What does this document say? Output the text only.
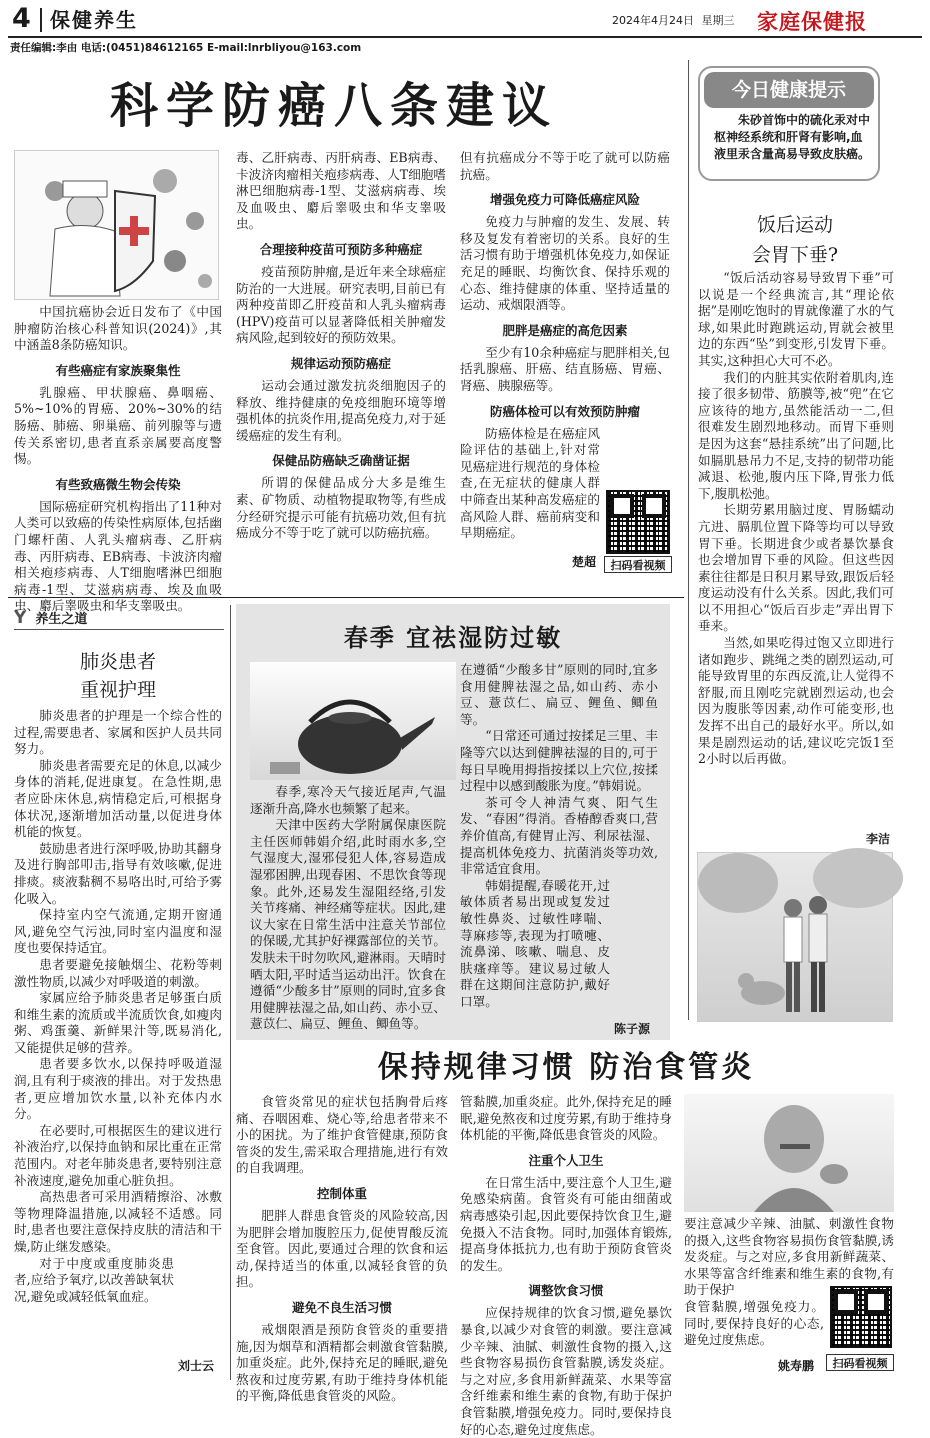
4 保健养生	2024年4月24日 星期三 家庭保健报
责任编辑:李由 电话:(0451)84612165 E-mail:lnrbliyou@163.com
科学防癌八条建议
中国抗癌协会近日发布了《中国肿瘤防治核心科普知识(2024)》,其中涵盖8条防癌知识。
有些癌症有家族聚集性
乳腺癌、甲状腺癌、鼻咽癌、5%~10%的胃癌、20%~30%的结肠癌、肺癌、卵巢癌、前列腺等与遗传关系密切,患者直系亲属要高度警惕。
有些致癌微生物会传染
国际癌症研究机构指出了11种对人类可以致癌的传染性病原体,包括幽门螺杆菌、人乳头瘤病毒、乙肝病毒、丙肝病毒、EB病毒、卡波济肉瘤相关疱疹病毒、人T细胞嗜淋巴细胞病毒-1型、艾滋病病毒、埃及血吸虫、麝后睾吸虫和华支睾吸虫。
毒、乙肝病毒、丙肝病毒、EB病毒、卡波济肉瘤相关疱疹病毒、人T细胞嗜淋巴细胞病毒-1型、艾滋病病毒、埃及血吸虫、麝后睾吸虫和华支睾吸虫。
合理接种疫苗可预防多种癌症
疫苗预防肿瘤,是近年来全球癌症防治的一大进展。研究表明,目前已有两种疫苗即乙肝疫苗和人乳头瘤病毒(HPV)疫苗可以显著降低相关肿瘤发病风险,起到较好的预防效果。
规律运动预防癌症
运动会通过激发抗炎细胞因子的释放、维持健康的免疫细胞环境等增强机体的抗炎作用,提高免疫力,对于延缓癌症的发生有利。
保健品防癌缺乏确凿证据
所谓的保健品成分大多是维生素、矿物质、动植物提取物等,有些成分经研究提示可能有抗癌功效,但有抗癌成分不等于吃了就可以防癌抗癌。
但有抗癌成分不等于吃了就可以防癌抗癌。
增强免疫力可降低癌症风险
免疫力与肿瘤的发生、发展、转移及复发有着密切的关系。良好的生活习惯有助于增强机体免疫力,如保证充足的睡眠、均衡饮食、保持乐观的心态、维持健康的体重、坚持适量的运动、戒烟限酒等。
肥胖是癌症的高危因素
至少有10余种癌症与肥胖相关,包括乳腺癌、肝癌、结直肠癌、胃癌、肾癌、胰腺癌等。
防癌体检可以有效预防肿瘤
防癌体检是在癌症风险评估的基础上,针对常见癌症进行规范的身体检查,在无症状的健康人群中筛查出某种高发癌症的高风险人群、癌前病变和早期癌症。
楚超	扫码看视频
今日健康提示
朱砂首饰中的硫化汞对中枢神经系统和肝肾有影响,血液里汞含量高易导致皮肤癌。
饭后运动
会胃下垂?
“饭后活动容易导致胃下垂”可以说是一个经典流言,其“理论依据”是刚吃饱时的胃就像灌了水的气球,如果此时跑跳运动,胃就会被里边的东西“坠”到变形,引发胃下垂。其实,这种担心大可不必。
我们的内脏其实依附着肌肉,连接了很多韧带、筋膜等,被“兜”在它应该待的地方,虽然能活动一二,但很难发生剧烈地移动。而胃下垂则是因为这套“悬挂系统”出了问题,比如膈肌悬吊力不足,支持的韧带功能减退、松弛,腹内压下降,胃张力低下,腹肌松弛。
长期劳累用脑过度、胃肠蠕动亢进、膈肌位置下降等均可以导致胃下垂。长期进食少或者暴饮暴食也会增加胃下垂的风险。但这些因素往往都是日积月累导致,跟饭后轻度运动没有什么关系。因此,我们可以不用担心“饭后百步走”弄出胃下垂来。
当然,如果吃得过饱又立即进行诸如跑步、跳绳之类的剧烈运动,可能导致胃里的东西反流,让人觉得不舒服,而且刚吃完就剧烈运动,也会因为腹胀等因素,动作可能变形,也发挥不出自己的最好水平。所以,如果是剧烈运动的话,建议吃完饭1至2小时以后再做。
李洁
Y 养生之道
肺炎患者
重视护理
肺炎患者的护理是一个综合性的过程,需要患者、家属和医护人员共同努力。
肺炎患者需要充足的休息,以减少身体的消耗,促进康复。在急性期,患者应卧床休息,病情稳定后,可根据身体状况,逐渐增加活动量,以促进身体机能的恢复。
鼓励患者进行深呼吸,协助其翻身及进行胸部叩击,指导有效咳嗽,促进排痰。痰液黏稠不易咯出时,可给予雾化吸入。
保持室内空气流通,定期开窗通风,避免空气污浊,同时室内温度和湿度也要保持适宜。
患者要避免接触烟尘、花粉等刺激性物质,以减少对呼吸道的刺激。
家属应给予肺炎患者足够蛋白质和维生素的流质或半流质饮食,如瘦肉粥、鸡蛋羹、新鲜果汁等,既易消化,又能提供足够的营养。
患者要多饮水,以保持呼吸道湿润,且有利于痰液的排出。对于发热患者,更应增加饮水量,以补充体内水分。
在必要时,可根据医生的建议进行补液治疗,以保持血钠和尿比重在正常范围内。对老年肺炎患者,要特别注意补液速度,避免加重心脏负担。
高热患者可采用酒精擦浴、冰敷等物理降温措施,以减轻不适感。同时,患者也要注意保持皮肤的清洁和干燥,防止继发感染。
对于中度或重度肺炎患者,应给予氧疗,以改善缺氧状况,避免或减轻低氧血症。
刘士云
春季 宜祛湿防过敏
春季,寒冷天气接近尾声,气温逐渐升高,降水也频繁了起来。
天津中医药大学附属保康医院主任医师韩娟介绍,此时雨水多,空气湿度大,湿邪侵犯人体,容易造成湿邪困脾,出现春困、不思饮食等现象。此外,还易发生湿阻经络,引发关节疼痛、神经痛等症状。因此,建议大家在日常生活中注意关节部位的保暖,尤其护好裸露部位的关节。发肤未干时勿吹风,避淋雨。天晴时晒太阳,平时适当运动出汗。饮食在遵循“少酸多甘”原则的同时,宜多食用健脾祛湿之品,如山药、赤小豆、薏苡仁、扁豆、鲤鱼、鲫鱼等。
在遵循“少酸多甘”原则的同时,宜多食用健脾祛湿之品,如山药、赤小豆、薏苡仁、扁豆、鲤鱼、鲫鱼等。
“日常还可通过按揉足三里、丰隆等穴以达到健脾祛湿的目的,可于每日早晚用拇指按揉以上穴位,按揉过程中以感到酸胀为度。”韩娟说。
茶可令人神清气爽、阳气生发、“春困”得消。香椿醇香爽口,营养价值高,有健胃止泻、利尿祛湿、提高机体免疫力、抗菌消炎等功效,非常适宜食用。
韩娟提醒,春暖花开,过敏体质者易出现或复发过敏性鼻炎、过敏性哮喘、荨麻疹等,表现为打喷嚏、流鼻涕、咳嗽、喘息、皮肤瘙痒等。建议易过敏人群在这期间注意防护,戴好口罩。
陈子源
保持规律习惯 防治食管炎
食管炎常见的症状包括胸骨后疼痛、吞咽困难、烧心等,给患者带来不小的困扰。为了维护食管健康,预防食管炎的发生,需采取合理措施,进行有效的自我调理。
控制体重
肥胖人群患食管炎的风险较高,因为肥胖会增加腹腔压力,促使胃酸反流至食管。因此,要通过合理的饮食和运动,保持适当的体重,以减轻食管的负担。
避免不良生活习惯
戒烟限酒是预防食管炎的重要措施,因为烟草和酒精都会刺激食管黏膜,加重炎症。此外,保持充足的睡眠,避免熬夜和过度劳累,有助于维持身体机能的平衡,降低患食管炎的风险。
管黏膜,加重炎症。此外,保持充足的睡眠,避免熬夜和过度劳累,有助于维持身体机能的平衡,降低患食管炎的风险。
注重个人卫生
在日常生活中,要注意个人卫生,避免感染病菌。食管炎有可能由细菌或病毒感染引起,因此要保持饮食卫生,避免摄入不洁食物。同时,加强体育锻炼,提高身体抵抗力,也有助于预防食管炎的发生。
调整饮食习惯
应保持规律的饮食习惯,避免暴饮暴食,以减少对食管的刺激。要注意减少辛辣、油腻、刺激性食物的摄入,这些食物容易损伤食管黏膜,诱发炎症。与之对应,多食用新鲜蔬菜、水果等富含纤维素和维生素的食物,有助于保护食管黏膜,增强免疫力。同时,要保持良好的心态,避免过度焦虑。
要注意减少辛辣、油腻、刺激性食物的摄入,这些食物容易损伤食管黏膜,诱发炎症。与之对应,多食用新鲜蔬菜、水果等富含纤维素和维生素的食物,有助于保护
食管黏膜,增强免疫力。同时,要保持良好的心态,避免过度焦虑。
姚寿鹏	扫码看视频
